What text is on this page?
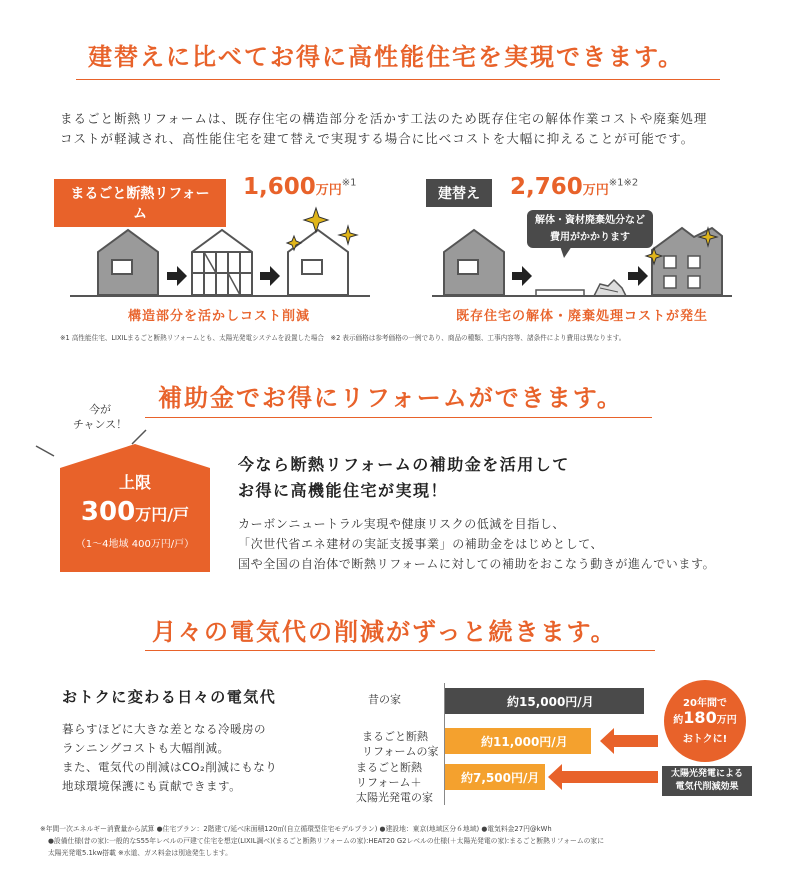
建替えに比べてお得に高性能住宅を実現できます。
まるごと断熱リフォームは、既存住宅の構造部分を活かす工法のため既存住宅の解体作業コストや廃棄処理
コストが軽減され、高性能住宅を建て替えで実現する場合に比べコストを大幅に抑えることが可能です。
まるごと断熱リフォーム
1,600万円$^{※1}$
建替え	2,760万円$^{※1※2}$
構造部分を活かしコスト削減
解体・資材廃棄処分など
費用がかかります
既存住宅の解体・廃棄処理コストが発生
※1 高性能住宅、LIXILまるごと断熱リフォームとも、太陽光発電システムを設置した場合　※2 表示価格は参考価格の一例であり、商品の種類、工事内容等、諸条件により費用は異なります。
補助金でお得にリフォームができます。
今が
チャンス！
上限
300万円/戸
（1～4地域 400万円/戸）
今なら断熱リフォームの補助金を活用して
お得に高機能住宅が実現！
カーボンニュートラル実現や健康リスクの低減を目指し、
「次世代省エネ建材の実証支援事業」の補助金をはじめとして、
国や全国の自治体で断熱リフォームに対しての補助をおこなう動きが進んでいます。
月々の電気代の削減がずっと続きます。
おトクに変わる日々の電気代
暮らすほどに大きな差となる冷暖房の
ランニングコストも大幅削減。
また、電気代の削減はCO₂削減にもなり
地球環境保護にも貢献できます。
昔の家
まるごと断熱
リフォームの家
まるごと断熱
リフォーム＋
太陽光発電の家
約15,000円/月
約11,000円/月
約7,500円/月
20年間で
約180万円
おトクに!
太陽光発電による
電気代削減効果
※年間一次エネルギー消費量から試算 ●住宅プラン：2階建て/延べ床面積120㎡(自立循環型住宅モデルプラン) ●建設地：東京(地域区分６地域) ●電気料金27円@kWh
●設備仕様(昔の家):一般的なS55年レベルの戸建て住宅を想定(LIXIL調べ)(まるごと断熱リフォームの家):HEAT20 G2レベルの仕様(＋太陽光発電の家):まるごと断熱リフォームの家に
太陽光発電5.1kw搭載 ※水道、ガス料金は別途発生します。
